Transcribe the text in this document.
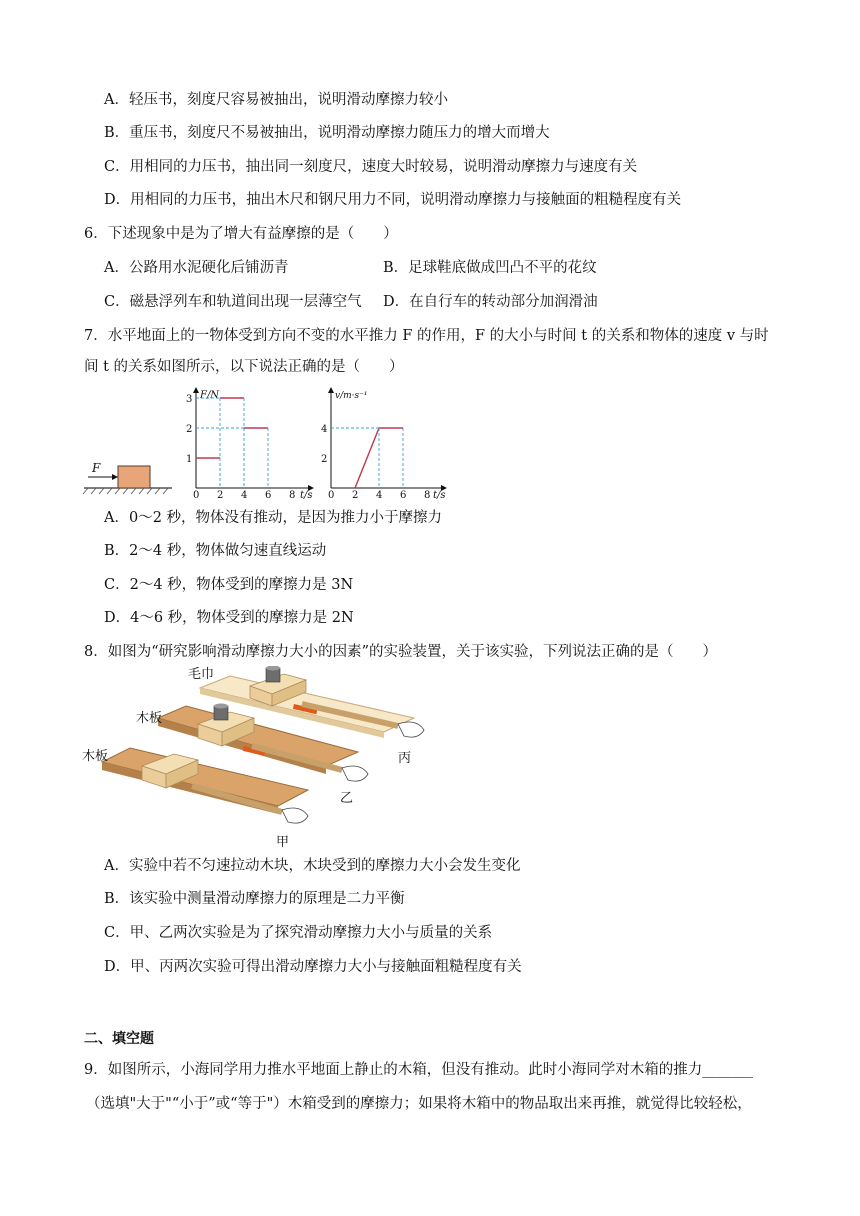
A．轻压书，刻度尺容易被抽出，说明滑动摩擦力较小
B．重压书，刻度尺不易被抽出，说明滑动摩擦力随压力的增大而增大
C．用相同的力压书，抽出同一刻度尺，速度大时较易，说明滑动摩擦力与速度有关
D．用相同的力压书，抽出木尺和钢尺用力不同，说明滑动摩擦力与接触面的粗糙程度有关
6．下述现象中是为了增大有益摩擦的是（　　）
A．公路用水泥硬化后铺沥青	B．足球鞋底做成凹凸不平的花纹
C．磁悬浮列车和轨道间出现一层薄空气 D．在自行车的转动部分加润滑油
7．水平地面上的一物体受到方向不变的水平推力 F 的作用，F 的大小与时间 t 的关系和物体的速度 v 与时
间 t 的关系如图所示，以下说法正确的是（　　）
F
F/N
t/s
0 2 4 6 8
1
2
3	v/m·s⁻¹
t/s
0 2 4 6 8
2
4
A．0～2 秒，物体没有推动，是因为推力小于摩擦力
B．2～4 秒，物体做匀速直线运动
C．2～4 秒，物体受到的摩擦力是 3N
D．4～6 秒，物体受到的摩擦力是 2N
8．如图为“研究影响滑动摩擦力大小的因素”的实验装置，关于该实验，下列说法正确的是（　　）
毛巾
木板
木板	丙
乙
甲
A．实验中若不匀速拉动木块，木块受到的摩擦力大小会发生变化
B．该实验中测量滑动摩擦力的原理是二力平衡
C．甲、乙两次实验是为了探究滑动摩擦力大小与质量的关系
D．甲、丙两次实验可得出滑动摩擦力大小与接触面粗糙程度有关
二、填空题
9．如图所示，小海同学用力推水平地面上静止的木箱，但没有推动。此时小海同学对木箱的推力_______
（选填"大于"“小于”或“等于"）木箱受到的摩擦力；如果将木箱中的物品取出来再推，就觉得比较轻松，
